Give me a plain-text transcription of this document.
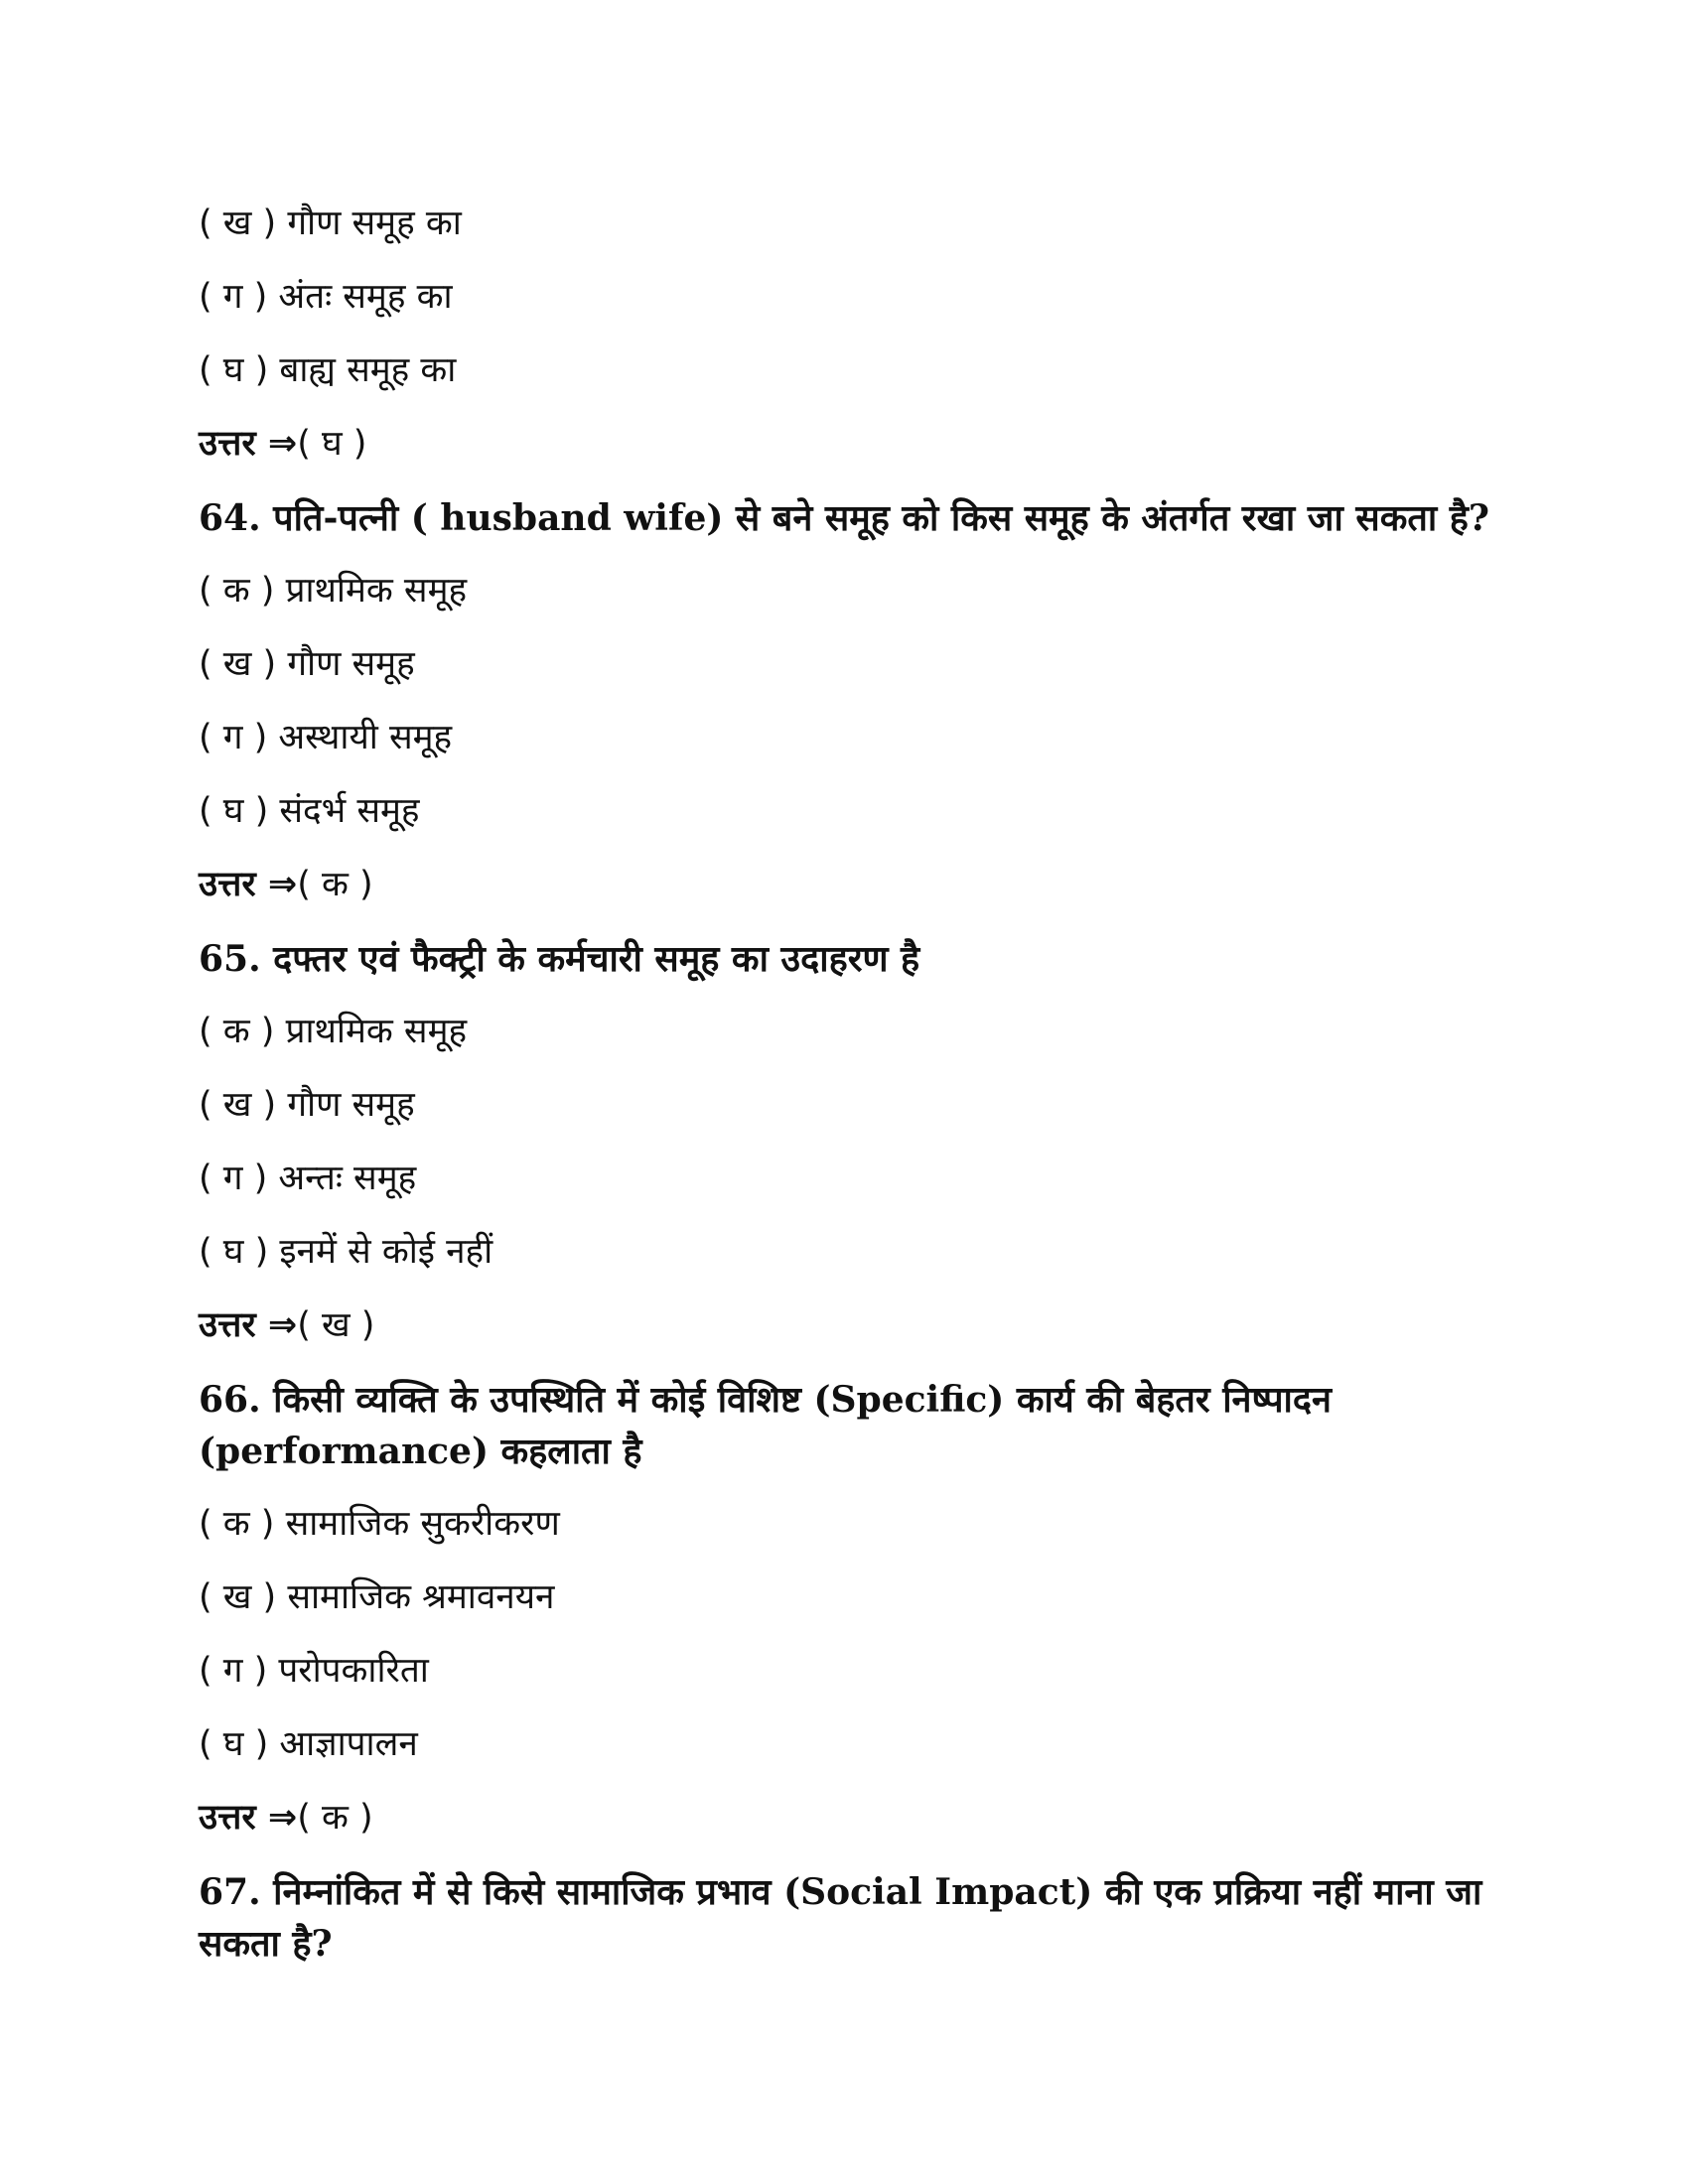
( ख ) गौण समूह का

( ग ) अंतः समूह का

( घ ) बाह्य समूह का

उत्तर ⇒( घ )

64. पति-पत्नी ( husband wife) से बने समूह को किस समूह के अंतर्गत रखा जा सकता है?

( क ) प्राथमिक समूह

( ख ) गौण समूह

( ग ) अस्थायी समूह

( घ ) संदर्भ समूह

उत्तर ⇒( क )

65. दफ्तर एवं फैक्ट्री के कर्मचारी समूह का उदाहरण है

( क ) प्राथमिक समूह

( ख ) गौण समूह

( ग ) अन्तः समूह

( घ ) इनमें से कोई नहीं

उत्तर ⇒( ख )

66. किसी व्यक्ति के उपस्थिति में कोई विशिष्ट (Specific) कार्य की बेहतर निष्पादन (performance) कहलाता है

( क ) सामाजिक सुकरीकरण

( ख ) सामाजिक श्रमावनयन

( ग ) परोपकारिता

( घ ) आज्ञापालन

उत्तर ⇒( क )

67. निम्नांकित में से किसे सामाजिक प्रभाव (Social Impact) की एक प्रक्रिया नहीं माना जा सकता है?
